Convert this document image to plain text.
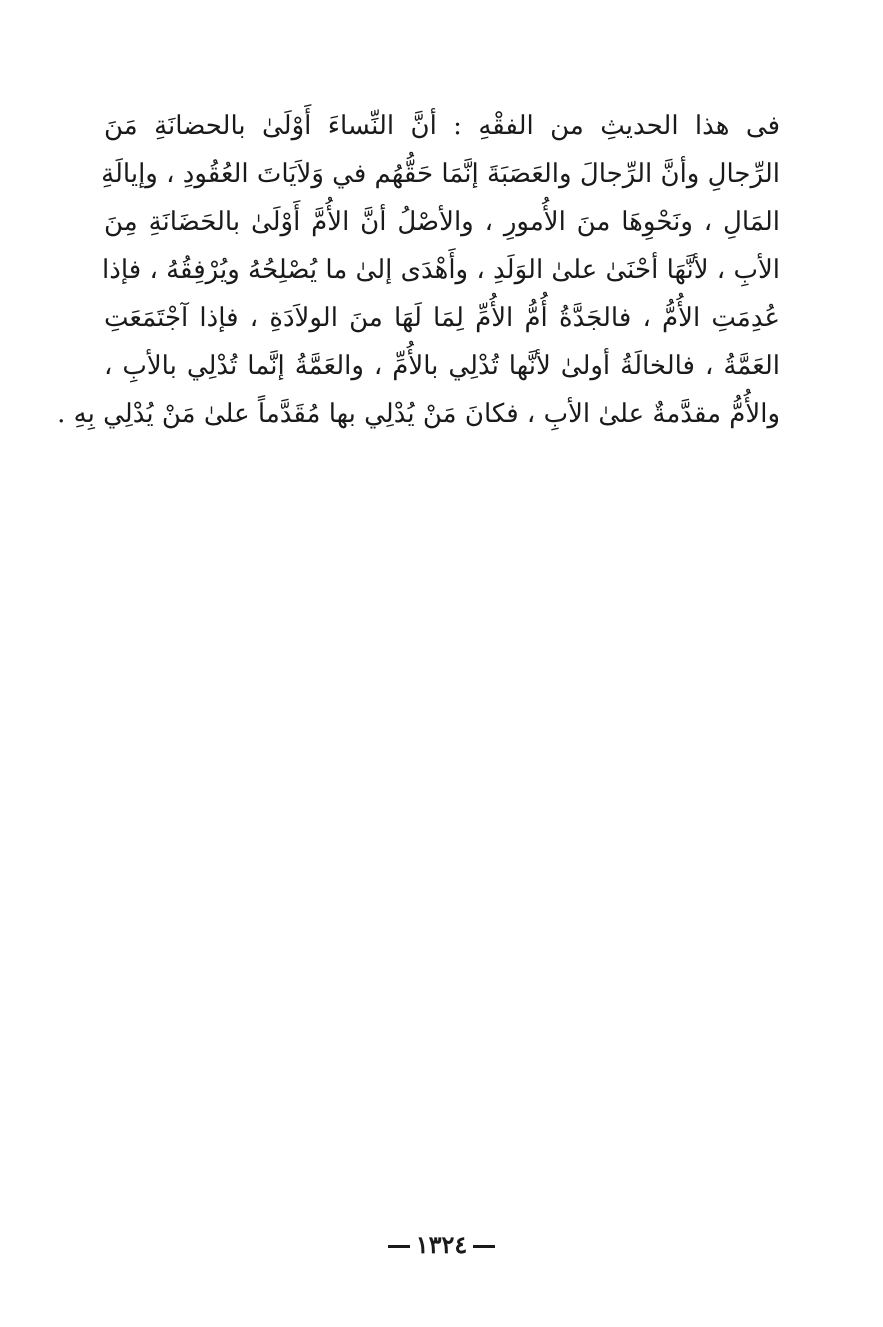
فى هذا الحديثِ من الفقْهِ : أنَّ النِّساءَ أَوْلَىٰ بالحضانَةِ مَنَ
الرِّجالِ وأنَّ الرِّجالَ والعَصَبَةَ إنَّمَا حَقُّهُم في وَلاَيَاتَ العُقُودِ ، وإيالَةِ
المَالِ ، ونَحْوِهَا منَ الأُمورِ ، والأصْلُ أنَّ الأُمَّ أَوْلَىٰ بالحَضَانَةِ مِنَ
الأبِ ، لأنَّهَا أحْنَىٰ علىٰ الوَلَدِ ، وأَهْدَى إلىٰ ما يُصْلِحُهُ ويُرْفِقُهُ ، فإذا
عُدِمَتِ الأُمُّ ، فالجَدَّةُ أُمُّ الأُمِّ لِمَا لَهَا منَ الولاَدَةِ ، فإذا آجْتَمَعَتِ
العَمَّةُ ، فالخالَةُ أولىٰ لأنَّها تُدْلِي بالأُمِّ ، والعَمَّةُ إنَّما تُدْلِي بالأبِ ،
والأُمُّ مقدَّمةٌ علىٰ الأبِ ، فكانَ مَنْ يُدْلِي بها مُقَدَّماً علىٰ مَنْ يُدْلِي بِهِ .
١٣٢٤
